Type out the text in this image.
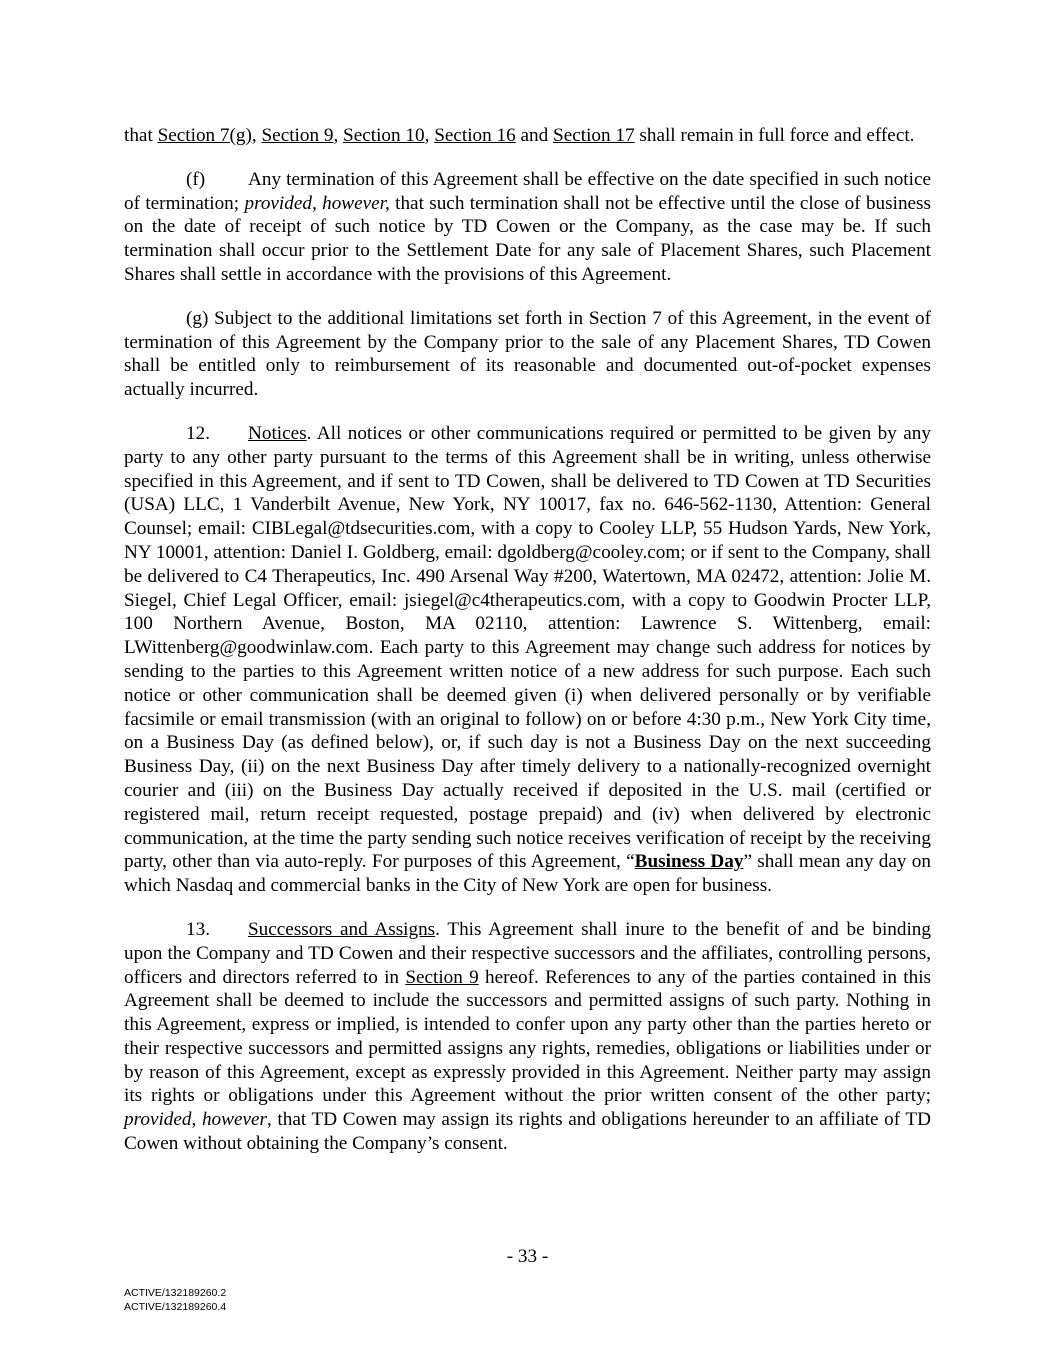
that Section 7(g), Section 9, Section 10, Section 16 and Section 17 shall remain in full force and effect.

(f) Any termination of this Agreement shall be effective on the date specified in such notice of termination; provided, however, that such termination shall not be effective until the close of business on the date of receipt of such notice by TD Cowen or the Company, as the case may be. If such termination shall occur prior to the Settlement Date for any sale of Placement Shares, such Placement Shares shall settle in accordance with the provisions of this Agreement.

(g) Subject to the additional limitations set forth in Section 7 of this Agreement, in the event of termination of this Agreement by the Company prior to the sale of any Placement Shares, TD Cowen shall be entitled only to reimbursement of its reasonable and documented out-of-pocket expenses actually incurred.

12. Notices. All notices or other communications required or permitted to be given by any party to any other party pursuant to the terms of this Agreement shall be in writing, unless otherwise specified in this Agreement, and if sent to TD Cowen, shall be delivered to TD Cowen at TD Securities (USA) LLC, 1 Vanderbilt Avenue, New York, NY 10017, fax no. 646-562-1130, Attention: General Counsel; email: CIBLegal@tdsecurities.com, with a copy to Cooley LLP, 55 Hudson Yards, New York, NY 10001, attention: Daniel I. Goldberg, email: dgoldberg@cooley.com; or if sent to the Company, shall be delivered to C4 Therapeutics, Inc. 490 Arsenal Way #200, Watertown, MA 02472, attention: Jolie M. Siegel, Chief Legal Officer, email: jsiegel@c4therapeutics.com, with a copy to Goodwin Procter LLP, 100 Northern Avenue, Boston, MA 02110, attention: Lawrence S. Wittenberg, email: LWittenberg@goodwinlaw.com. Each party to this Agreement may change such address for notices by sending to the parties to this Agreement written notice of a new address for such purpose. Each such notice or other communication shall be deemed given (i) when delivered personally or by verifiable facsimile or email transmission (with an original to follow) on or before 4:30 p.m., New York City time, on a Business Day (as defined below), or, if such day is not a Business Day on the next succeeding Business Day, (ii) on the next Business Day after timely delivery to a nationally-recognized overnight courier and (iii) on the Business Day actually received if deposited in the U.S. mail (certified or registered mail, return receipt requested, postage prepaid) and (iv) when delivered by electronic communication, at the time the party sending such notice receives verification of receipt by the receiving party, other than via auto-reply. For purposes of this Agreement, “Business Day” shall mean any day on which Nasdaq and commercial banks in the City of New York are open for business.

13. Successors and Assigns. This Agreement shall inure to the benefit of and be binding upon the Company and TD Cowen and their respective successors and the affiliates, controlling persons, officers and directors referred to in Section 9 hereof. References to any of the parties contained in this Agreement shall be deemed to include the successors and permitted assigns of such party. Nothing in this Agreement, express or implied, is intended to confer upon any party other than the parties hereto or their respective successors and permitted assigns any rights, remedies, obligations or liabilities under or by reason of this Agreement, except as expressly provided in this Agreement. Neither party may assign its rights or obligations under this Agreement without the prior written consent of the other party; provided, however, that TD Cowen may assign its rights and obligations hereunder to an affiliate of TD Cowen without obtaining the Company’s consent.

- 33 -
ACTIVE/132189260.2
ACTIVE/132189260.4
